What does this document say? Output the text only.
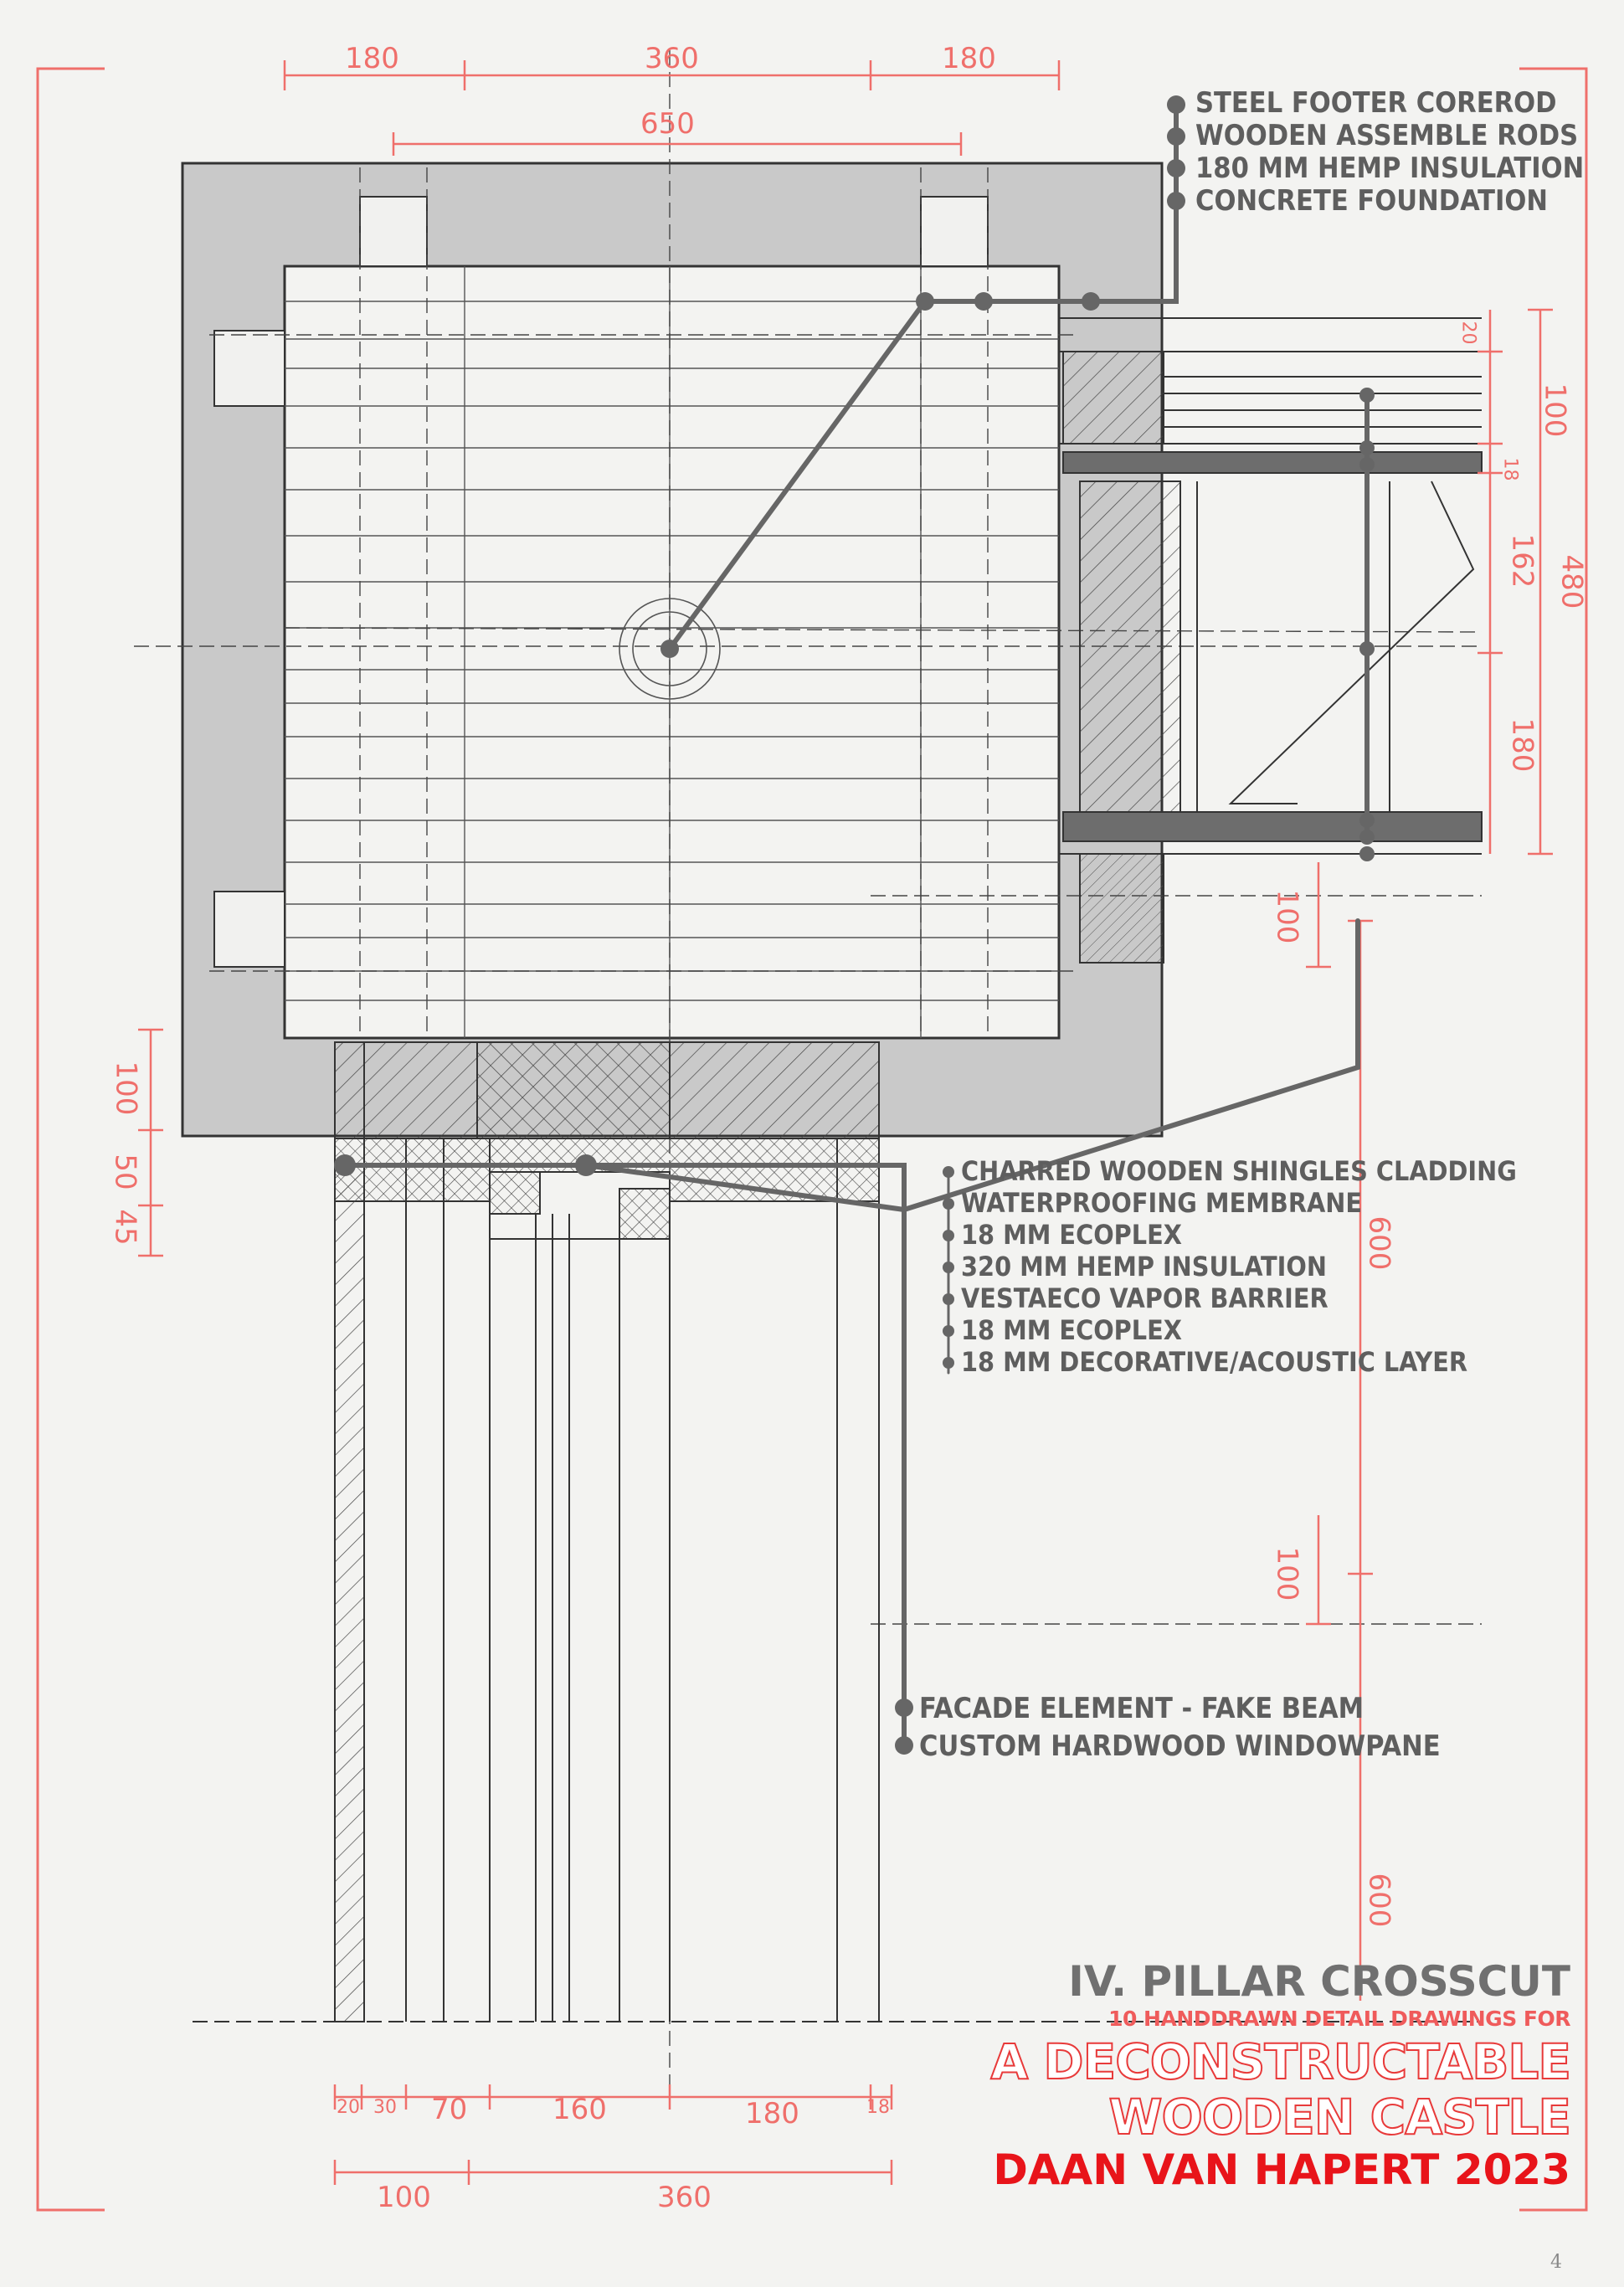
STEEL FOOTER COREROD
WOODEN ASSEMBLE RODS
180 MM HEMP INSULATION
CONCRETE FOUNDATION
CHARRED WOODEN SHINGLES CLADDING
WATERPROOFING MEMBRANE
18 MM ECOPLEX
320 MM HEMP INSULATION
VESTAECO VAPOR BARRIER
18 MM ECOPLEX
18 MM DECORATIVE/ACOUSTIC LAYER
FACADE ELEMENT - FAKE BEAM
CUSTOM HARDWOOD WINDOWPANE
180	360	180
650
20
100
18
162
180
480
100
600
100
600
100
50
45
20 30 70	160	180	18
100	360
IV. PILLAR CROSSCUT
10 HANDDRAWN DETAIL DRAWINGS FOR
A DECONSTRUCTABLE
WOODEN CASTLE
DAAN VAN HAPERT 2023
4
